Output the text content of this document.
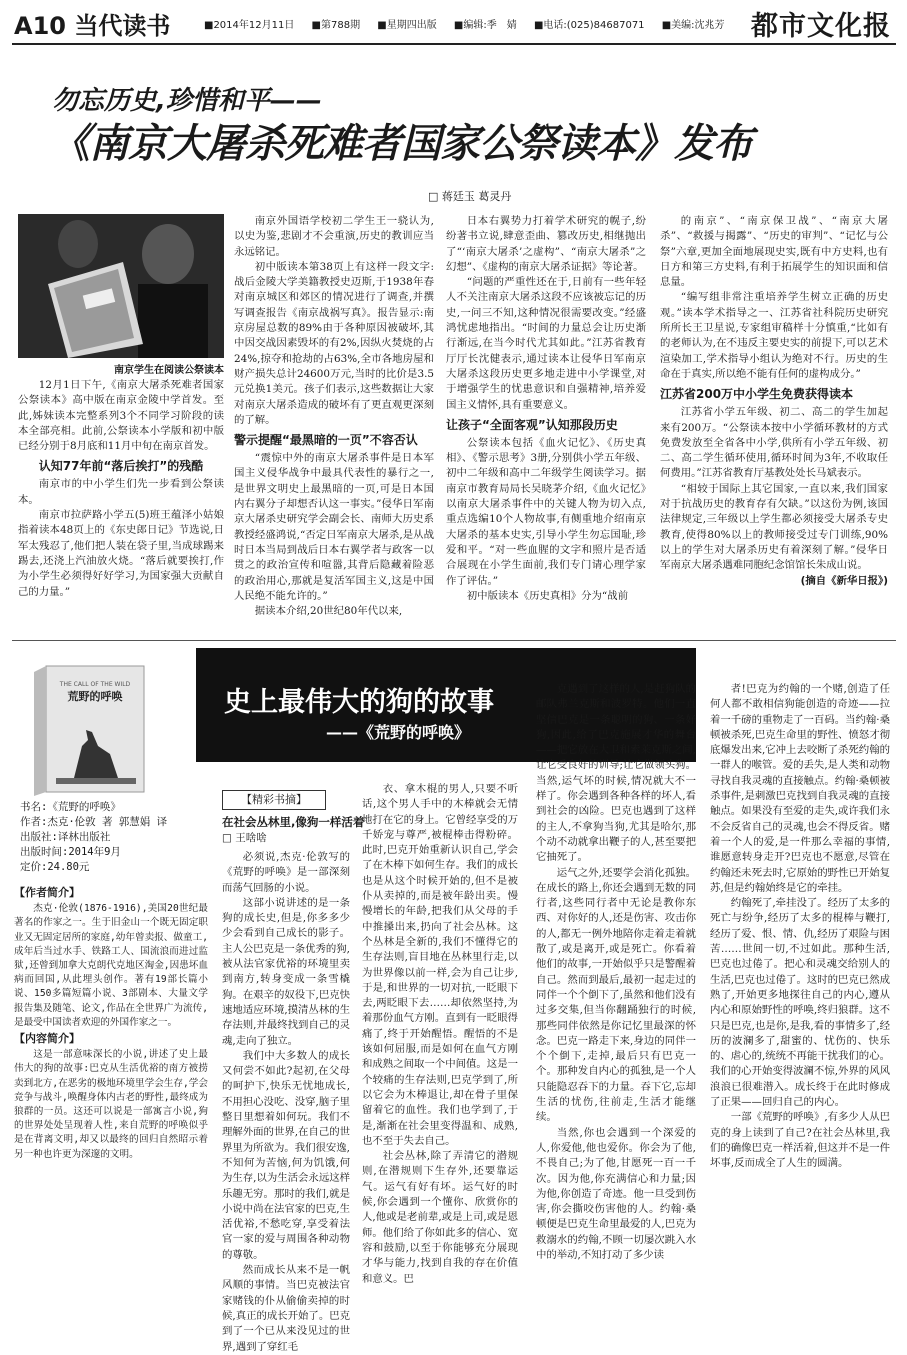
A10 当代读书	■2014年12月11日 ■第788期 ■星期四出版 ■编辑:季　婧 ■电话:(025)84687071 ■美编:沈兆芳 都市文化报
勿忘历史,珍惜和平——
《南京大屠杀死难者国家公祭读本》发布
□ 蒋廷玉 葛灵丹
南京学生在阅读公祭读本

12月1日下午,《南京大屠杀死难者国家公祭读本》高中版在南京金陵中学首发。至此,姊妹读本完整系列3个不同学习阶段的读本全部亮相。此前,公祭读本小学版和初中版已经分别于8月底和11月中旬在南京首发。

认知77年前“落后挨打”的残酷

南京市的中小学生们先一步看到公祭读本。

南京市拉萨路小学五(5)班王蕴泽小姑娘指着读本48页上的《东史郎日记》节选说,日军太残忍了,他们把人装在袋子里,当成球踢来踢去,还浇上汽油放火烧。“落后就要挨打,作为小学生必须得好好学习,为国家强大贡献自己的力量。”

南京外国语学校初二学生王一骁认为,以史为鉴,悲剧才不会重演,历史的教训应当永远铭记。

初中版读本第38页上有这样一段文字:战后金陵大学美籍教授史迈斯,于1938年春对南京城区和郊区的情况进行了调查,并撰写调查报告《南京战祸写真》。报告显示:南京房屋总数的89%由于各种原因被破坏,其中因交战因素毁坏的有2%,因纵火焚烧的占24%,掠夺和抢劫的占63%,全市各地房屋和财产损失总计24600万元,当时的比价是3.5元兑换1美元。孩子们表示,这些数据让大家对南京大屠杀造成的破坏有了更直观更深刻的了解。

警示提醒“最黑暗的一页”不容否认

“震惊中外的南京大屠杀事件是日本军国主义侵华战争中最具代表性的暴行之一,是世界文明史上最黑暗的一页,可是日本国内右翼分子却想否认这一事实。”侵华日军南京大屠杀史研究学会副会长、南师大历史系教授经盛鸿说,“否定日军南京大屠杀,是从战时日本当局到战后日本右翼学者与政客一以贯之的政治宣传和喧嚣,其背后隐藏着险恶的政治用心,那就是复活军国主义,这是中国人民绝不能允许的。”

据读本介绍,20世纪80年代以来,

日本右翼势力打着学术研究的幌子,纷纷著书立说,肆意歪曲、篡改历史,相继抛出了“‘南京大屠杀’之虚构”、“南京大屠杀”之幻想”、《虚构的南京大屠杀证据》等论著。

“问题的严重性还在于,日前有一些年轻人不关注南京大屠杀这段不应该被忘记的历史,一问三不知,这种情况很需要改变。”经盛鸿忧虑地指出。“时间的力量总会让历史渐行渐远,在当今时代尤其如此。”江苏省教育厅厅长沈健表示,通过读本让侵华日军南京大屠杀这段历史更多地走进中小学课堂,对于增强学生的忧患意识和自强精神,培养爱国主义情怀,具有重要意义。

让孩子“全面客观”认知那段历史

公祭读本包括《血火记忆》、《历史真相》、《警示思考》3册,分别供小学五年级、初中二年级和高中二年级学生阅读学习。据南京市教育局局长吴晓茅介绍,《血火记忆》以南京大屠杀事件中的关键人物为切入点,重点选编10个人物故事,有侧重地介绍南京大屠杀的基本史实,引导小学生勿忘国耻,珍爱和平。“对一些血腥的文字和照片是否适合展现在小学生面前,我们专门请心理学家作了评估。”

初中版读本《历史真相》分为“战前

的南京”、“南京保卫战”、“南京大屠杀”、“救援与揭露”、“历史的审判”、“记忆与公祭”六章,更加全面地展现史实,既有中方史料,也有日方和第三方史料,有利于拓展学生的知识面和信息量。

“编写组非常注重培养学生树立正确的历史观。”读本学术指导之一、江苏省社科院历史研究所所长王卫星说,专家组审稿样十分慎重,“比如有的老师认为,在不违反主要史实的前提下,可以艺术渲染加工,学术指导小组认为绝对不行。历史的生命在于真实,所以绝不能有任何的虚构成分。”

江苏省200万中小学生免费获得读本

江苏省小学五年级、初二、高二的学生加起来有200万。“公祭读本按中小学循环教材的方式免费发放至全省各中小学,供所有小学五年级、初二、高二学生循环使用,循环时间为3年,不收取任何费用。”江苏省教育厅基教处处长马斌表示。

“相较于国际上其它国家,一直以来,我们国家对于抗战历史的教育存有欠缺。”以这份为例,该国法律规定,三年级以上学生都必须接受大屠杀专史教育,使得80%以上的教师接受过专门训练,90%以上的学生对大屠杀历史有着深刻了解。”侵华日军南京大屠杀遇难同胞纪念馆馆长朱成山说。

(摘自《新华日报》)
史上最伟大的狗的故事
——《荒野的呼唤》
THE CALL OF THE WILD
荒野的呼唤
书名:《荒野的呼唤》
作者:杰克·伦敦 著 郭慧娟 译
出版社:译林出版社
出版时间:2014年9月
定价:24.80元
【作者简介】

杰克·伦敦(1876-1916),美国20世纪最著名的作家之一。生于旧金山一个既无固定职业又无固定居所的家庭,幼年曾卖报、做童工,成年后当过水手、铁路工人、国流浪而进过监狱,还曾到加拿大克朗代克地区淘金,因患坏血病而回国,从此埋头创作。著有19部长篇小说、150多篇短篇小说、3部剧本、大量文学报告集及随笔、论文,作品在全世界广为流传,是最受中国读者欢迎的外国作家之一。

【内容简介】

这是一部意味深长的小说,讲述了史上最伟大的狗的故事:巴克从生活优裕的南方被捞卖到北方,在恶劣的极地环境里学会生存,学会竞争与战斗,唤醒身体内古老的野性,最终成为狼群的一员。这还可以说是一部寓言小说,狗的世界处处呈现着人性,来自荒野的呼唤似乎是在背离文明,却又以最终的回归自然昭示着另一种也许更为深邃的文明。

【精彩书摘】
在社会丛林里,像狗一样活着
□ 王啥啥

必须说,杰克·伦敦写的《荒野的呼唤》是一部深刻而荡气回肠的小说。

这部小说讲述的是一条狗的成长史,但是,你多多少少会看到自己成长的影子。主人公巴克是一条优秀的狗,被从法官家优裕的环境里卖到南方,转身变成一条雪橇狗。在艰辛的奴役下,巴克快速地适应环境,摸清丛林的生存法则,并最终找到自己的灵魂,走向了独立。

我们中大多数人的成长又何尝不如此?起初,在父母的呵护下,快乐无忧地成长,不用担心没吃、没穿,脑子里整日里想着如何玩。我们不理解外面的世界,在自己的世界里为所欲为。我们很安逸,不知何为苦恼,何为饥饿,何为生存,以为生活会永远这样乐趣无穷。那时的我们,就是小说中尚在法官家的巴克,生活优裕,不愁吃穿,享受着法官一家的爱与周围各种动物的尊敬。

然而成长从来不是一帆风顺的事情。当巴克被法官家赌钱的仆从偷偷卖掉的时候,真正的成长开始了。巴克到了一个已从来没见过的世界,遇到了穿红毛

衣、拿木棍的男人,只要不听话,这个男人手中的木棒就会无情地打在它的身上。它曾经享受的万千娇宠与尊严,被棍棒击得粉碎。此时,巴克开始重新认识自己,学会了在木棒下如何生存。我们的成长也是从这个时候开始的,但不是被仆从卖掉的,而是被年龄出卖。慢慢增长的年龄,把我们从父母的手中推搡出来,扔向了社会丛林。这个丛林是全新的,我们不懂得它的生存法则,盲目地在丛林里行走,以为世界像以前一样,会为自己让步,于是,和世界的一切对抗,一眨眼下去,两眨眼下去……却依然坚持,为着那份血气方刚。直到有一眨眼得痛了,终于开始醒悟。醒悟的不是该如何屈服,而是如何在血气方刚和成熟之间取一个中间值。这是一个较痛的生存法则,巴克学到了,所以它会为木棒退让,却在骨子里保留着它的血性。我们也学到了,于是,渐渐在社会里变得温和、成熟,也不至于失去自己。

社会丛林,除了弄清它的潜规则,在潜规则下生存外,还要靠运气。运气有好有坏。运气好的时候,你会遇到一个懂你、欣赏你的人,他或是老前辈,或是上司,或是恩师。他们给了你如此多的信心、宽容和鼓励,以至于你能够充分展现才华与能力,找到自我的存在价值和意义。巴

克遇到了这样的人,是赶狗队的邮队弗兰克斯和波罗特。他们一直坚信巴克是一条聪明的狗、一条好狗,因此,给了巴克施展才华的舞台——把它放在大卫和索莱克斯之间,让它受良好的训导;让它做领头狗。当然,运气坏的时候,情况就大不一样了。你会遇到各种各样的坏人,看到社会的凶险。巴克也遇到了这样的主人,不拿狗当狗,尤其是哈尔,那个动不动就拿出鞭子的人,甚至要把它抽死了。

运气之外,还要学会消化孤独。在成长的路上,你还会遇到无数的同行者,这些同行者中无论是教你东西、对你好的人,还是伤害、攻击你的人,都无一例外地陪你走着走着就散了,或是离开,或是死亡。你看着他们的故事,一开始似乎只是警醒着自己。然而到最后,最初一起走过的同伴一个个倒下了,虽然和他们没有过多交集,但当你翻踊独行的时候,那些同伴依然是你记忆里最深的怀念。巴克一路走下来,身边的同伴一个个倒下,走掉,最后只有巴克一个。那种发自内心的孤独,是一个人只能隐忍吞下的力量。吞下它,忘却生活的忧伤,往前走,生活才能继续。

当然,你也会遇到一个深爱的人,你爱他,他也爱你。你会为了他,不畏自己;为了他,甘愿死一百一千次。因为他,你充满信心和力量;因为他,你创造了奇迹。他一旦受到伤害,你会撕咬伤害他的人。约翰·桑顿便是巴克生命里最爱的人,巴克为救溺水的约翰,不顾一切屡次跳入水中的举动,不知打动了多少读

者!巴克为约翰的一个赌,创造了任何人都不敢相信狗能创造的奇迹——拉着一千磅的重物走了一百码。当约翰·桑顿被杀死,巴克生命里的野性、愤怒才彻底爆发出来,它冲上去咬断了杀死约翰的一群人的喉管。爱的丢失,是人类和动物寻找自我灵魂的直接触点。约翰·桑顿被杀事件,是刺激巴克找到自我灵魂的直接触点。如果没有至爱的走失,或许我们永不会反省自己的灵魂,也会不得反省。赌着一个人的爱,是一件那么幸福的事情,谁愿意转身走开?巴克也不愿意,尽管在约翰还未死去时,它原始的野性已开始复苏,但是约翰始终是它的牵挂。

约翰死了,牵挂没了。经历了太多的死亡与纷争,经历了太多的棍棒与鞭打,经历了爱、恨、情、仇,经历了艰险与困苦……世间一切,不过如此。那种生活,巴克也过倦了。把心和灵魂交给别人的生活,巴克也过倦了。这时的巴克已然成熟了,开始更多地探往自己的内心,遵从内心和原始野性的呼唤,终归狼群。这不只是巴克,也是你,是我,看的事情多了,经历的波澜多了,甜蜜的、忧伤的、快乐的、虐心的,统统不再能干扰我们的心。我们的心开始变得波澜不惊,外界的风风浪浪已很难潜入。成长终于在此时修成了正果——回归自己的内心。

一部《荒野的呼唤》,有多少人从巴克的身上读到了自己?在社会丛林里,我们的确像巴克一样活着,但这并不是一件坏事,反而成全了人生的圆满。
